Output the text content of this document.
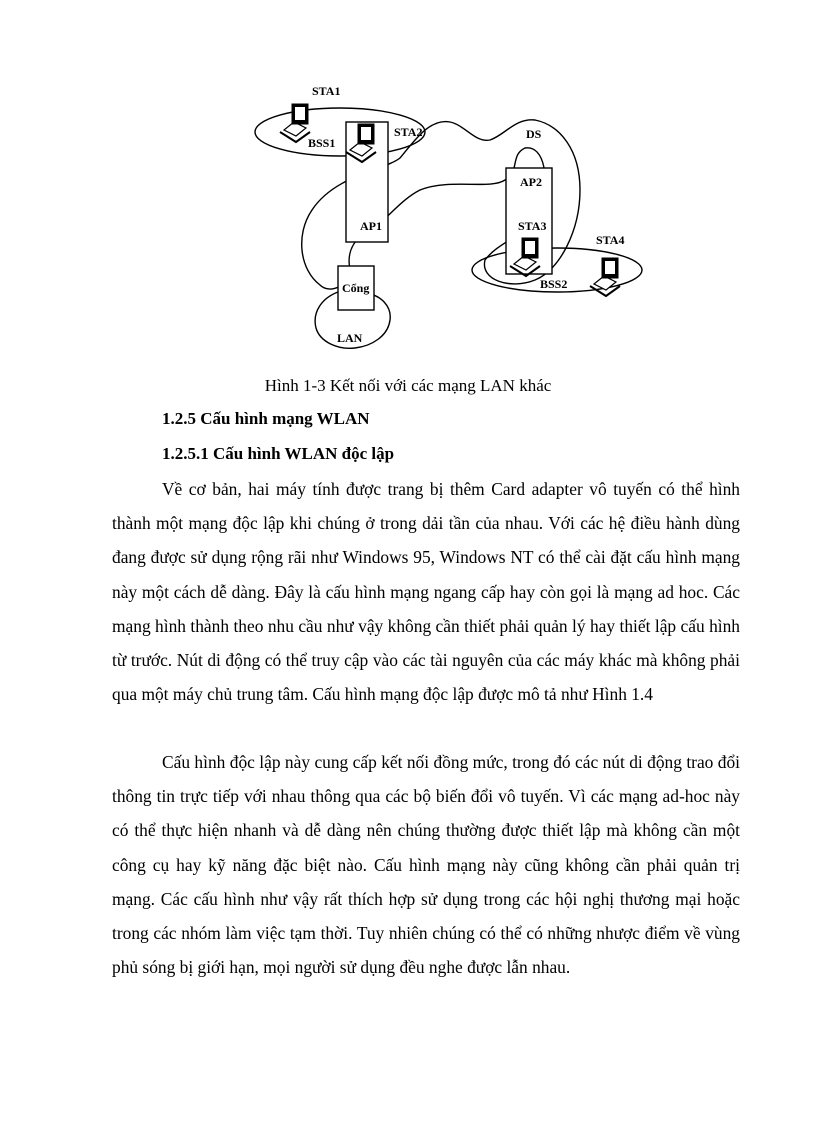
STA1
STA2
BSS1
AP1
DS
AP2
STA3
STA4
BSS2
Cổng
LAN
Hình 1-3 Kết nối với các mạng LAN khác
1.2.5 Cấu hình mạng WLAN
1.2.5.1 Cấu hình WLAN độc lập

Về cơ bản, hai máy tính được trang bị thêm Card adapter vô tuyến có thể hình thành một mạng độc lập khi chúng ở trong dải tần của nhau. Với các hệ điều hành dùng đang được sử dụng rộng rãi như Windows 95, Windows NT có thể cài đặt cấu hình mạng này một cách dễ dàng. Đây là cấu hình mạng ngang cấp hay còn gọi là mạng ad hoc. Các mạng hình thành theo nhu cầu như vậy không cần thiết phải quản lý hay thiết lập cấu hình từ trước. Nút di động có thể truy cập vào các tài nguyên của các máy khác mà không phải qua một máy chủ trung tâm. Cấu hình mạng độc lập được mô tả như Hình 1.4

Cấu hình độc lập này cung cấp kết nối đồng mức, trong đó các nút di động trao đổi thông tin trực tiếp với nhau thông qua các bộ biến đổi vô tuyến. Vì các mạng ad-hoc này có thể thực hiện nhanh và dễ dàng nên chúng thường được thiết lập mà không cần một công cụ hay kỹ năng đặc biệt nào. Cấu hình mạng này cũng không cần phải quản trị mạng. Các cấu hình như vậy rất thích hợp sử dụng trong các hội nghị thương mại hoặc trong các nhóm làm việc tạm thời. Tuy nhiên chúng có thể có những nhược điểm về vùng phủ sóng bị giới hạn, mọi người sử dụng đều nghe được lẫn nhau.
